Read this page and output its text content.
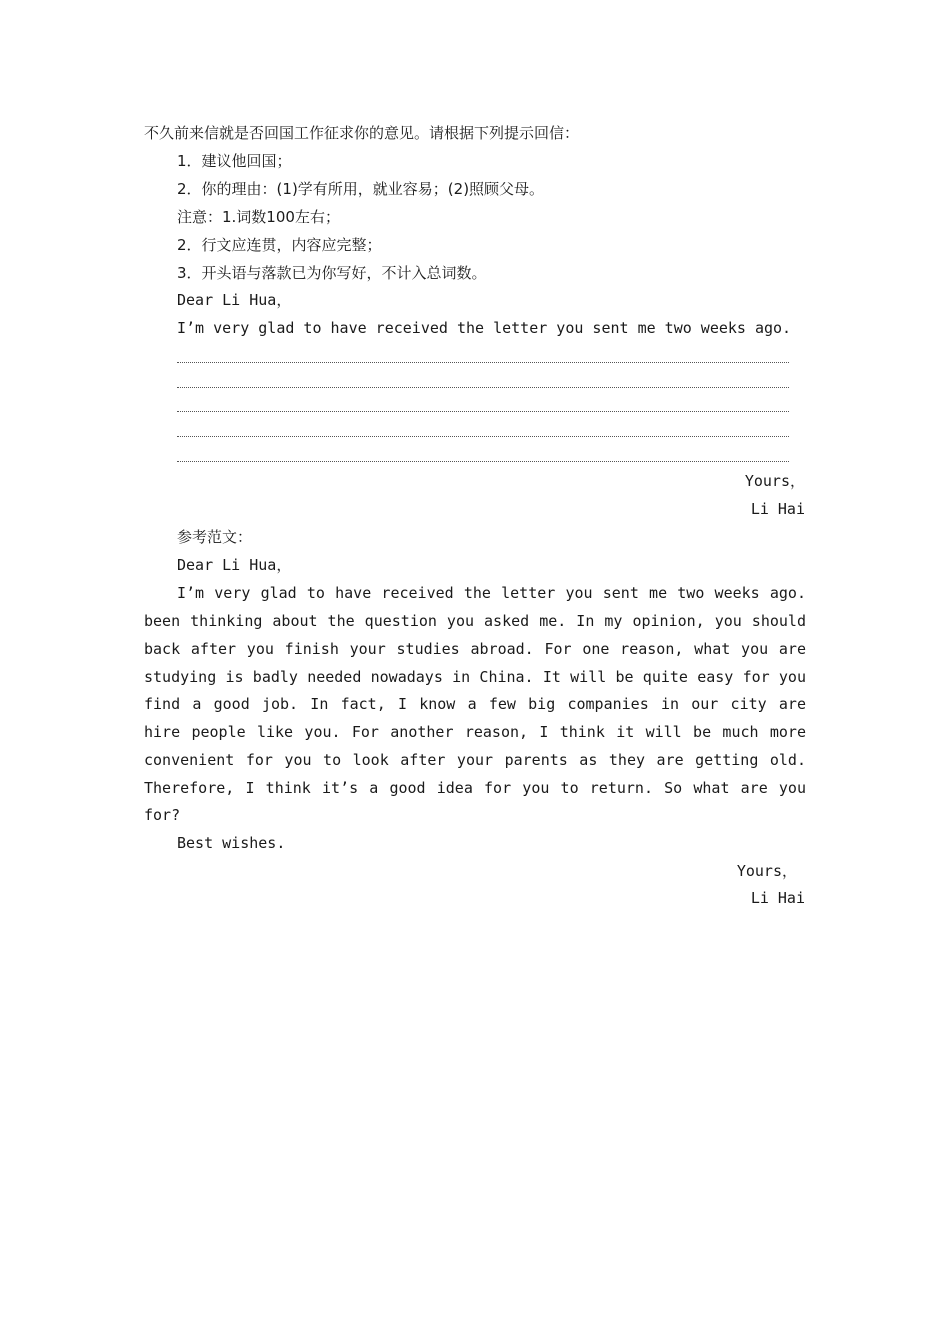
不久前来信就是否回国工作征求你的意见。请根据下列提示回信：
1．建议他回国；
2．你的理由：(1)学有所用，就业容易；(2)照顾父母。
注意：1.词数100左右；
2．行文应连贯，内容应完整；
3．开头语与落款已为你写好，不计入总词数。
Dear Li Hua，
I’m very glad to have received the letter you sent me two weeks ago.
Yours，
Li Hai
参考范文：
Dear Li Hua，
I’m very glad to have received the letter you sent me two weeks ago.
been thinking about the question you asked me. In my opinion, you should
back after you finish your studies abroad. For one reason, what you are
studying is badly needed nowadays in China. It will be quite easy for you
find a good job. In fact, I know a few big companies in our city are
hire people like you. For another reason, I think it will be much more
convenient for you to look after your parents as they are getting old.
Therefore, I think it’s a good idea for you to return. So what are you
for?
Best wishes.
Yours，
Li Hai
